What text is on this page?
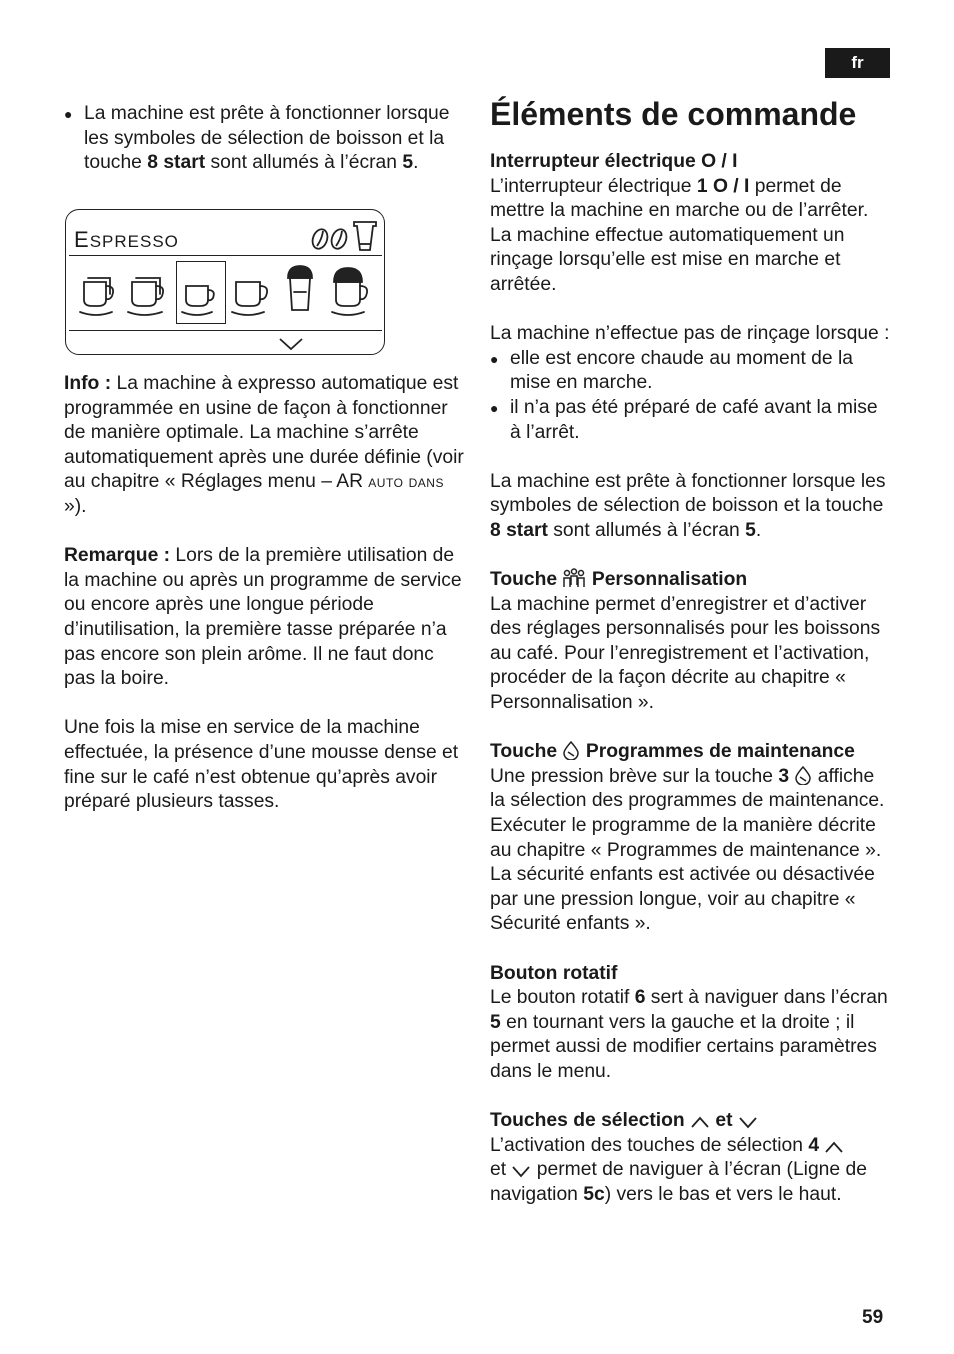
fr
Éléments de commande

● La machine est prête à fonctionner lorsque les symboles de sélection de boisson et la touche 8 start sont allumés à l’écran 5.

ESPRESSO

Info : La machine à expresso automatique est programmée en usine de façon à fonctionner de manière optimale. La machine s’arrête automatiquement après une durée définie (voir au chapitre « Réglages menu – AR auto dans »).

Remarque : Lors de la première utilisation de la machine ou après un programme de service ou encore après une longue période d’inutilisation, la première tasse préparée n’a pas encore son plein arôme. Il ne faut donc pas la boire.

Une fois la mise en service de la machine effectuée, la présence d’une mousse dense et fine sur le café n’est obtenue qu’après avoir préparé plusieurs tasses.

Interrupteur électrique O / I

L’interrupteur électrique 1 O / I permet de mettre la machine en marche ou de l’arrêter. La machine effectue automatiquement un rinçage lorsqu’elle est mise en marche et arrêtée.

La machine n’effectue pas de rinçage lorsque :

● elle est encore chaude au moment de la mise en marche.

● il n’a pas été préparé de café avant la mise à l’arrêt.

La machine est prête à fonctionner lorsque les symboles de sélection de boisson et la touche 8 start sont allumés à l’écran 5.

Touche  Personnalisation

La machine permet d’enregistrer et d’activer des réglages personnalisés pour les boissons au café. Pour l’enregistrement et l’activation, procéder de la façon décrite au chapitre « Personnalisation ».

Touche  Programmes de maintenance

Une pression brève sur la touche 3  affiche la sélection des programmes de maintenance. Exécuter le programme de la manière décrite au chapitre « Programmes de maintenance ».

La sécurité enfants est activée ou désactivée par une pression longue, voir au chapitre « Sécurité enfants ».

Bouton rotatif

Le bouton rotatif 6 sert à naviguer dans l’écran 5 en tournant vers la gauche et la droite ; il permet aussi de modifier certains paramètres dans le menu.

Touches de sélection  et

L’activation des touches de sélection 4
et  permet de naviguer à l’écran (Ligne de navigation 5c) vers le bas et vers le haut.

59
